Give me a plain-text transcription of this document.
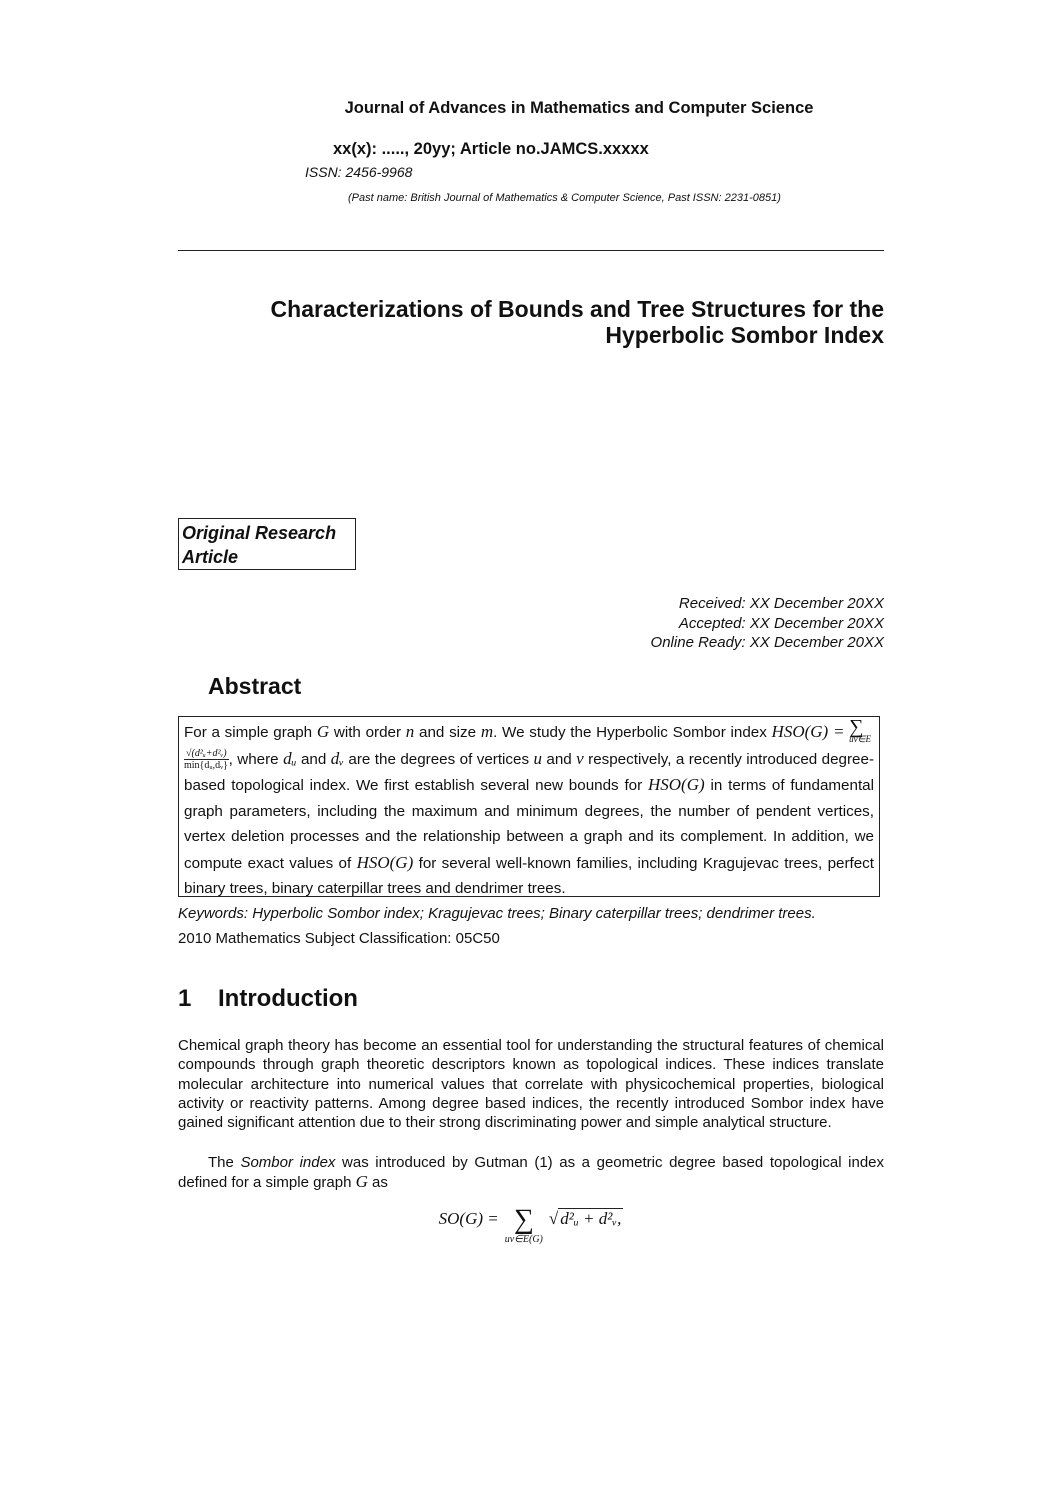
Journal of Advances in Mathematics and Computer Science
xx(x): ....., 20yy; Article no.JAMCS.xxxxx
ISSN: 2456-9968
(Past name: British Journal of Mathematics & Computer Science, Past ISSN: 2231-0851)
Characterizations of Bounds and Tree Structures for the
Hyperbolic Sombor Index
Original Research
Article
Received: XX December 20XX
Accepted: XX December 20XX
Online Ready: XX December 20XX
Abstract
For a simple graph G with order n and size m. We study the Hyperbolic Sombor index HSO(G) = ∑
uv∈E
$\frac{\text{√(d²ᵤ+d²ᵥ)}}{\text{min\{dᵤ,dᵥ\}}}$ , where dᵤ and dᵥ are the degrees of vertices u and v respectively, a recently introduced degree-based topological index. We first establish several new bounds for HSO(G) in terms of fundamental graph parameters, including the maximum and minimum degrees, the number of pendent vertices, vertex deletion processes and the relationship between a graph and its complement. In addition, we compute exact values of HSO(G) for several well-known families, including Kragujevac trees, perfect binary trees, binary caterpillar trees and dendrimer trees.
Keywords: Hyperbolic Sombor index; Kragujevac trees; Binary caterpillar trees; dendrimer trees.
2010 Mathematics Subject Classification: 05C50
1 Introduction
Chemical graph theory has become an essential tool for understanding the structural features of chemical compounds through graph theoretic descriptors known as topological indices. These indices translate molecular architecture into numerical values that correlate with physicochemical properties, biological activity or reactivity patterns. Among degree based indices, the recently introduced Sombor index have gained significant attention due to their strong discriminating power and simple analytical structure.
The Sombor index was introduced by Gutman (1) as a geometric degree based topological index defined for a simple graph G as
SO(G) = ∑
uv∈E(G)
√ d²ᵤ + d²ᵥ,
